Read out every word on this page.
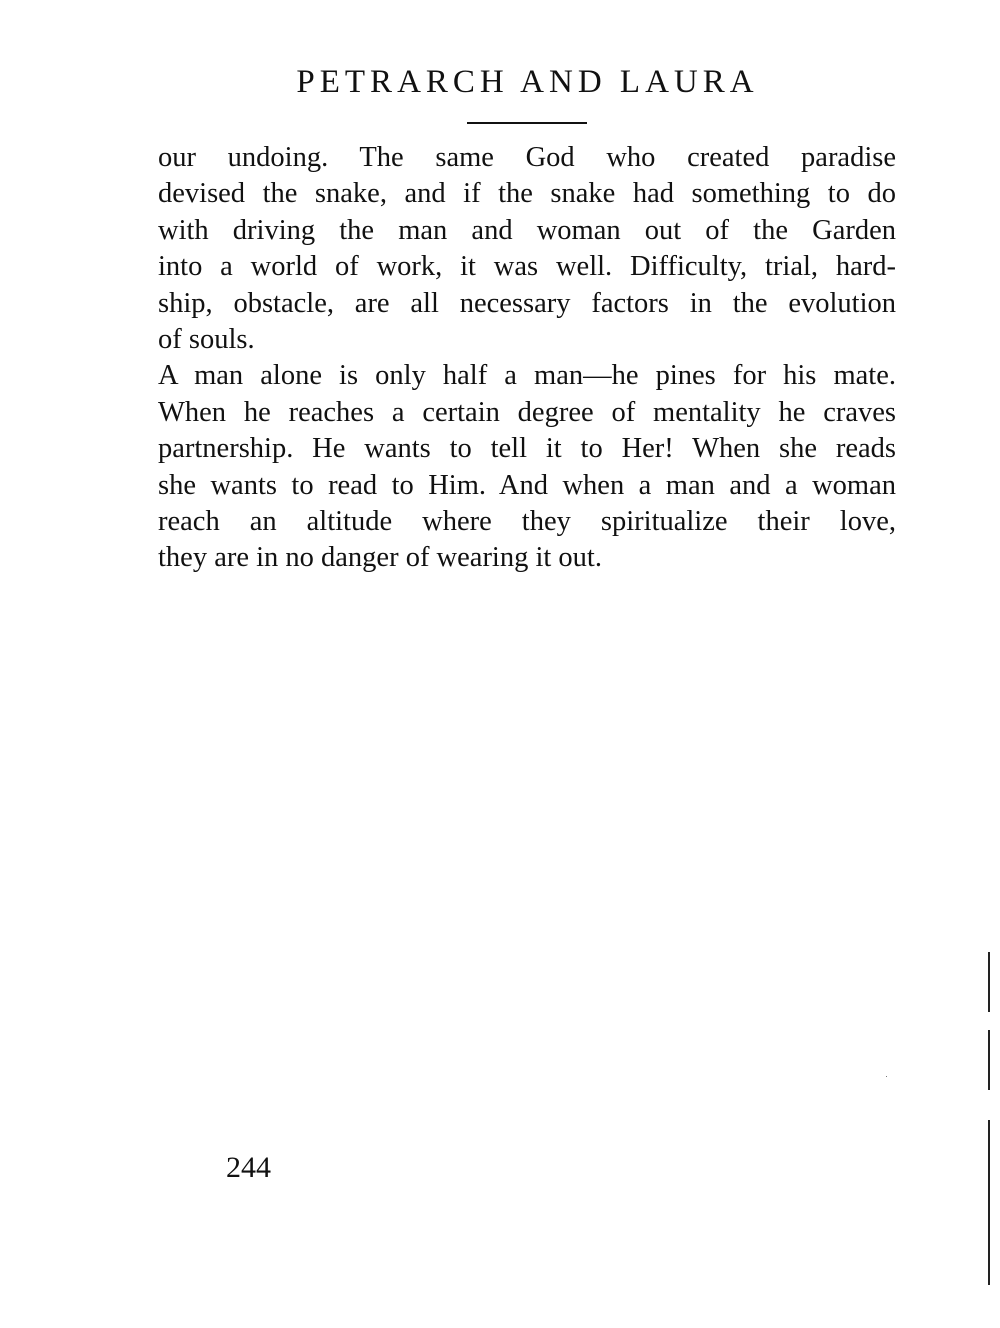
PETRARCH AND LAURA
our undoing. The same God who created paradise
devised the snake, and if the snake had something to do
with driving the man and woman out of the Garden
into a world of work, it was well. Difficulty, trial, hard-
ship, obstacle, are all necessary factors in the evolution
of souls.
A man alone is only half a man—he pines for his mate.
When he reaches a certain degree of mentality he craves
partnership. He wants to tell it to Her! When she reads
she wants to read to Him. And when a man and a woman
reach an altitude where they spiritualize their love,
they are in no danger of wearing it out.
244
